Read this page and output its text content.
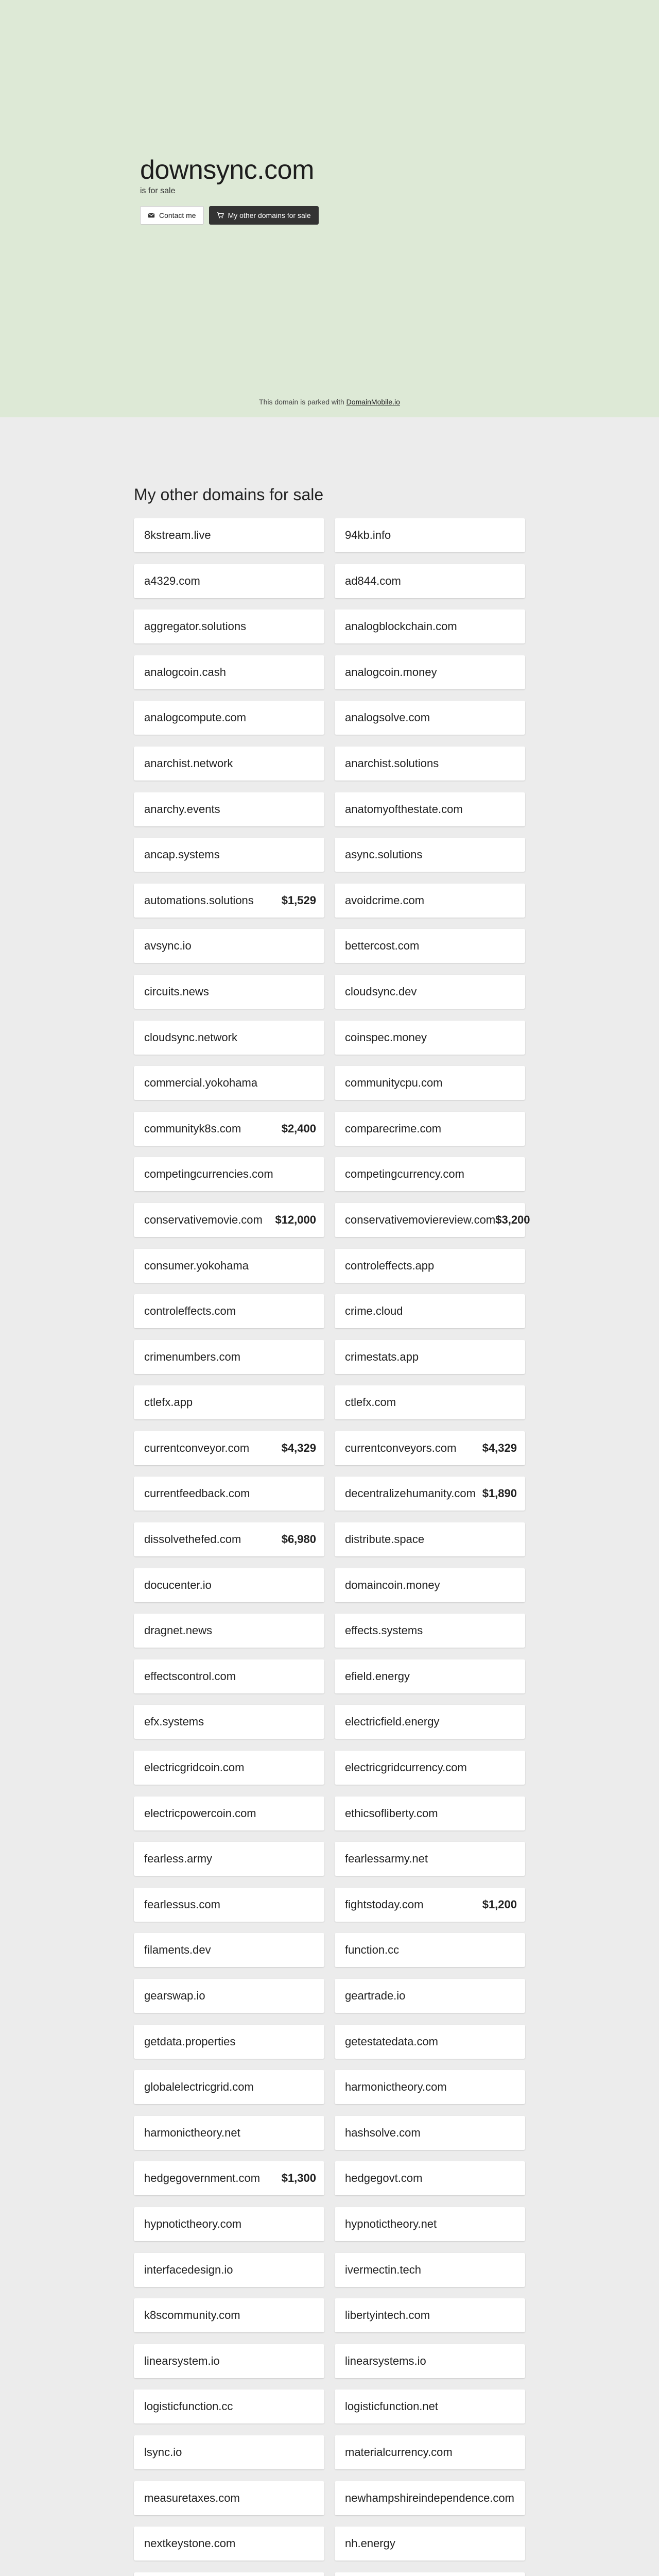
downsync.com
is for sale
Contact me	My other domains for sale
This domain is parked with DomainMobile.io
My other domains for sale
8kstream.live	94kb.info
a4329.com	ad844.com
aggregator.solutions	analogblockchain.com
analogcoin.cash	analogcoin.money
analogcompute.com	analogsolve.com
anarchist.network	anarchist.solutions
anarchy.events	anatomyofthestate.com
ancap.systems	async.solutions
automations.solutions $1,529	avoidcrime.com
avsync.io	bettercost.com
circuits.news	cloudsync.dev
cloudsync.network	coinspec.money
commercial.yokohama	communitycpu.com
communityk8s.com	$2,400	comparecrime.com
competingcurrencies.com	competingcurrency.com
conservativemovie.com $12,000	conservativemoviereview.com $3,200
consumer.yokohama	controleffects.app
controleffects.com	crime.cloud
crimenumbers.com	crimestats.app
ctlefx.app	ctlefx.com
currentconveyor.com	$4,329	currentconveyors.com $4,329
currentfeedback.com	decentralizehumanity.com $1,890
dissolvethefed.com	$6,980	distribute.space
docucenter.io	domaincoin.money
dragnet.news	effects.systems
effectscontrol.com	efield.energy
efx.systems	electricfield.energy
electricgridcoin.com	electricgridcurrency.com
electricpowercoin.com	ethicsofliberty.com
fearless.army	fearlessarmy.net
fearlessus.com	fightstoday.com	$1,200
filaments.dev	function.cc
gearswap.io	geartrade.io
getdata.properties	getestatedata.com
globalelectricgrid.com	harmonictheory.com
harmonictheory.net	hashsolve.com
hedgegovernment.com $1,300	hedgegovt.com
hypnotictheory.com	hypnotictheory.net
interfacedesign.io	ivermectin.tech
k8scommunity.com	libertyintech.com
linearsystem.io	linearsystems.io
logisticfunction.cc	logisticfunction.net
lsync.io	materialcurrency.com
measuretaxes.com	newhampshireindependence.com
nextkeystone.com	nh.energy
